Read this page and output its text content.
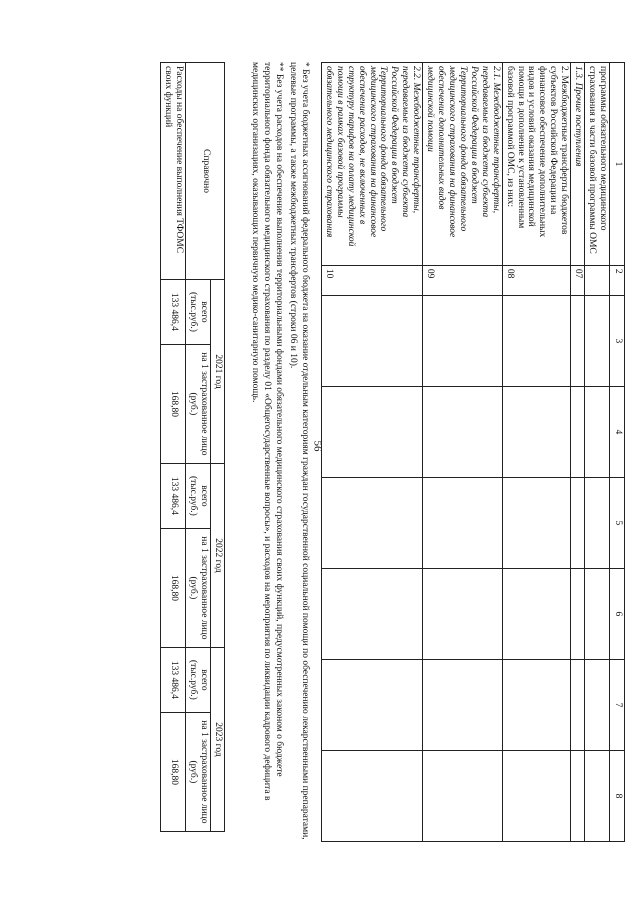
56
1	2	3	4	5	6	7	8
программы обязательного медицинского страхования в части базовой программы ОМС							
1.3. Прочие поступления	07						
2. Межбюджетные трансферты бюджетов субъектов Российской Федерации на финансовое обеспечение дополнительных видов и условий оказания медицинской помощи в дополнение к установленным базовой программой ОМС, из них:	08						
2.1. Межбюджетные трансферты, передаваемые из бюджета субъекта Российской Федерации в бюджет Территориального фонда обязательного медицинского страхования на финансовое обеспечение дополнительных видов медицинской помощи	09						
2.2. Межбюджетные трансферты, передаваемые из бюджета субъекта Российской Федерации в бюджет Территориального фонда обязательного медицинского страхования на финансовое обеспечение расходов, не включенных в структуру тарифов на оплату медицинской помощи в рамках базовой программы обязательного медицинского страхования	10						

* Без учета бюджетных ассигнований федерального бюджета на оказание отдельным категориям граждан государственной социальной помощи по обеспечению лекарственными препаратами, целевые программы, а также межбюджетных трансфертов (строки 06 и 10).

** Без учета расходов на обеспечение выполнения территориальными фондами обязательного медицинского страхования своих функций, предусмотренных законом о бюджете территориального фонда обязательного медицинского страхования по разделу 01 «Общегосударственные вопросы», и расходов на мероприятия по ликвидации кадрового дефицита в медицинских организациях, оказывающих первичную медико-санитарную помощь.

Справочно	2021 год		2022 год		2023 год	
	всего (тыс.руб.)	на 1 застрахованное лицо (руб.)	всего (тыс.руб.)	на 1 застрахованное лицо (руб.)	всего (тыс.руб.)	на 1 застрахованное лицо (руб.)
Расходы на обеспечение выполнения ТФОМС своих функций	133 486,4	168,80	133 486,4	168,80	133 486,4	168,80
